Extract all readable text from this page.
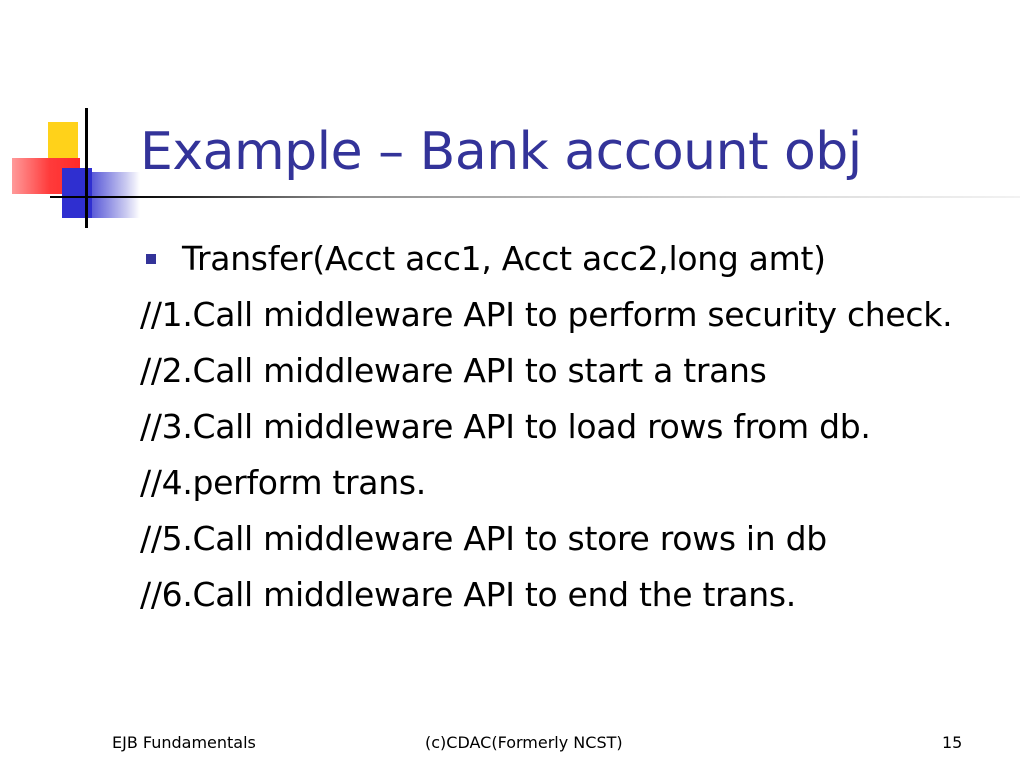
Example – Bank account obj
Transfer(Acct acc1, Acct acc2,long amt)
//1.Call middleware API to perform security check.
//2.Call middleware API to start a trans
//3.Call middleware API to load rows from db.
//4.perform trans.
//5.Call middleware API to store rows in db
//6.Call middleware API to end the trans.
EJB Fundamentals	(c)CDAC(Formerly NCST)	15
